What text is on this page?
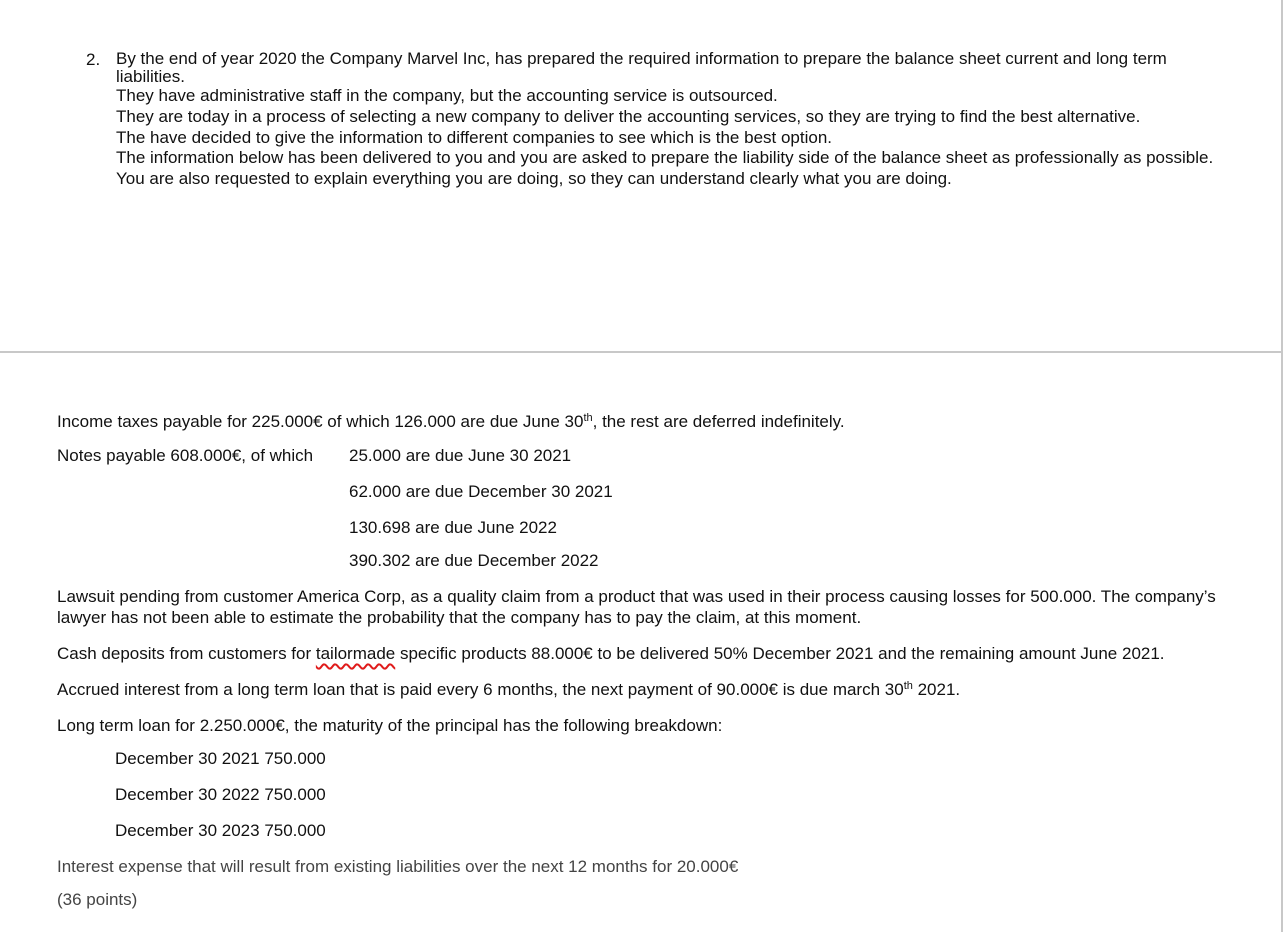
2. By the end of year 2020 the Company Marvel Inc, has prepared the required information to prepare the balance sheet current and long term liabilities.

They have administrative staff in the company, but the accounting service is outsourced.

They are today in a process of selecting a new company to deliver the accounting services, so they are trying to find the best alternative.

The have decided to give the information to different companies to see which is the best option.

The information below has been delivered to you and you are asked to prepare the liability side of the balance sheet as professionally as possible. You are also requested to explain everything you are doing, so they can understand clearly what you are doing.

Income taxes payable for 225.000€ of which 126.000 are due June 30th, the rest are deferred indefinitely.
Notes payable 608.000€, of which 25.000 are due June 30 2021
62.000 are due December 30 2021
130.698 are due June 2022
390.302 are due December 2022
Lawsuit pending from customer America Corp, as a quality claim from a product that was used in their process causing losses for 500.000. The company’s lawyer has not been able to estimate the probability that the company has to pay the claim, at this moment.
Cash deposits from customers for tailormade specific products 88.000€ to be delivered 50% December 2021 and the remaining amount June 2021.
Accrued interest from a long term loan that is paid every 6 months, the next payment of 90.000€ is due march 30th 2021.
Long term loan for 2.250.000€, the maturity of the principal has the following breakdown:
December 30 2021 750.000
December 30 2022 750.000
December 30 2023 750.000
Interest expense that will result from existing liabilities over the next 12 months for 20.000€
(36 points)
